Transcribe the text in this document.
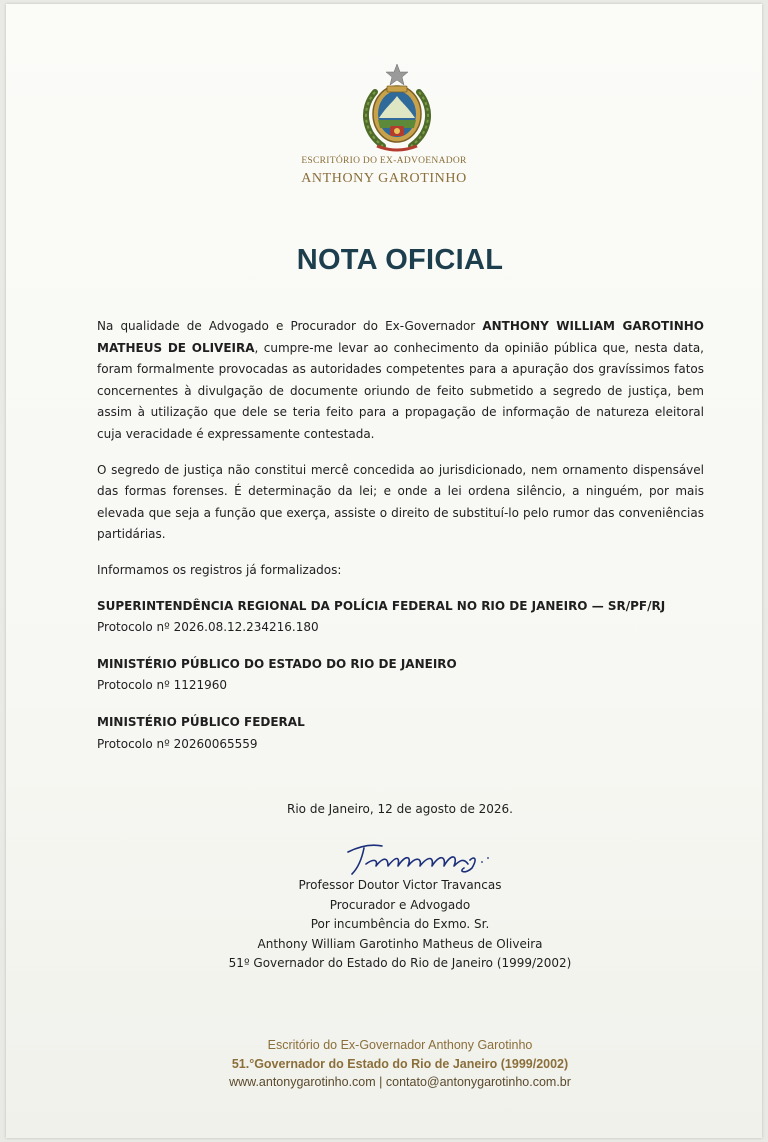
ESCRITÓRIO DO EX-ADVOENADOR
ANTHONY GAROTINHO
NOTA OFICIAL

Na qualidade de Advogado e Procurador do Ex-Governador ANTHONY WILLIAM GAROTINHO MATHEUS DE OLIVEIRA, cumpre-me levar ao conhecimento da opinião pública que, nesta data, foram formalmente provocadas as autoridades competentes para a apuração dos gravíssimos fatos concernentes à divulgação de documente oriundo de feito submetido a segredo de justiça, bem assim à utilização que dele se teria feito para a propagação de informação de natureza eleitoral cuja veracidade é expressamente contestada.

O segredo de justiça não constitui mercê concedida ao jurisdicionado, nem ornamento dispensável das formas forenses. É determinação da lei; e onde a lei ordena silêncio, a ninguém, por mais elevada que seja a função que exerça, assiste o direito de substituí-lo pelo rumor das conveniências partidárias.

Informamos os registros já formalizados:

SUPERINTENDÊNCIA REGIONAL DA POLÍCIA FEDERAL NO RIO DE JANEIRO — SR/PF/RJ
Protocolo nº 2026.08.12.234216.180
MINISTÉRIO PÚBLICO DO ESTADO DO RIO DE JANEIRO
Protocolo nº 1121960
MINISTÉRIO PÚBLICO FEDERAL
Protocolo nº 20260065559
Rio de Janeiro, 12 de agosto de 2026.
Professor Doutor Victor Travancas
Procurador e Advogado
Por incumbência do Exmo. Sr.
Anthony William Garotinho Matheus de Oliveira
51º Governador do Estado do Rio de Janeiro (1999/2002)
Escritório do Ex-Governador Anthony Garotinho
51.°Governador do Estado do Rio de Janeiro (1999/2002)
www.antonygarotinho.com | contato@antonygarotinho.com.br
